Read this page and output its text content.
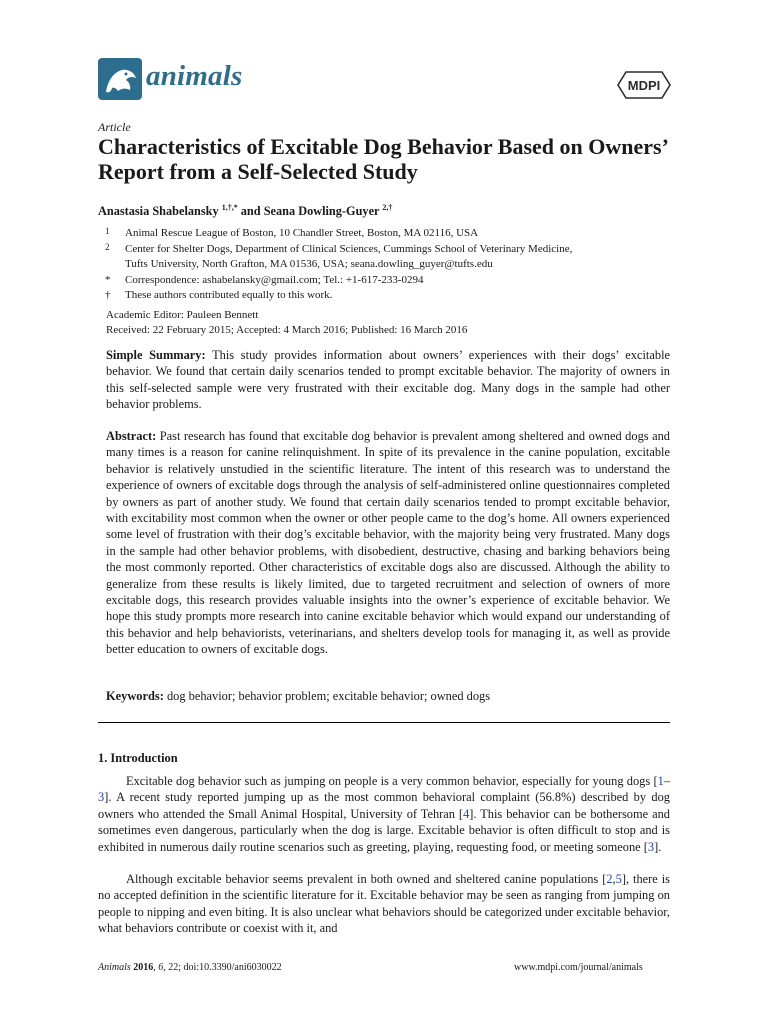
animals	MDPI
Article
Characteristics of Excitable Dog Behavior Based on Owners’ Report from a Self-Selected Study
Anastasia Shabelansky $^{1,\dagger,*}$ and Seana Dowling-Guyer $^{2,\dagger}$
1 Animal Rescue League of Boston, 10 Chandler Street, Boston, MA 02116, USA
2 Center for Shelter Dogs, Department of Clinical Sciences, Cummings School of Veterinary Medicine,
Tufts University, North Grafton, MA 01536, USA; seana.dowling_guyer@tufts.edu
* Correspondence: ashabelansky@gmail.com; Tel.: +1-617-233-0294
† These authors contributed equally to this work.
Academic Editor: Pauleen Bennett
Received: 22 February 2015; Accepted: 4 March 2016; Published: 16 March 2016
Simple Summary: This study provides information about owners’ experiences with their dogs’ excitable behavior. We found that certain daily scenarios tended to prompt excitable behavior. The majority of owners in this self-selected sample were very frustrated with their excitable dog. Many dogs in the sample had other behavior problems.
Abstract: Past research has found that excitable dog behavior is prevalent among sheltered and owned dogs and many times is a reason for canine relinquishment. In spite of its prevalence in the canine population, excitable behavior is relatively unstudied in the scientific literature. The intent of this research was to understand the experience of owners of excitable dogs through the analysis of self-administered online questionnaires completed by owners as part of another study. We found that certain daily scenarios tended to prompt excitable behavior, with excitability most common when the owner or other people came to the dog’s home. All owners experienced some level of frustration with their dog’s excitable behavior, with the majority being very frustrated. Many dogs in the sample had other behavior problems, with disobedient, destructive, chasing and barking behaviors being the most commonly reported. Other characteristics of excitable dogs also are discussed. Although the ability to generalize from these results is likely limited, due to targeted recruitment and selection of owners of more excitable dogs, this research provides valuable insights into the owner’s experience of excitable behavior. We hope this study prompts more research into canine excitable behavior which would expand our understanding of this behavior and help behaviorists, veterinarians, and shelters develop tools for managing it, as well as provide better education to owners of excitable dogs.
Keywords: dog behavior; behavior problem; excitable behavior; owned dogs
1. Introduction
Excitable dog behavior such as jumping on people is a very common behavior, especially for young dogs [1–3]. A recent study reported jumping up as the most common behavioral complaint (56.8%) described by dog owners who attended the Small Animal Hospital, University of Tehran [4]. This behavior can be bothersome and sometimes even dangerous, particularly when the dog is large. Excitable behavior is often difficult to stop and is exhibited in numerous daily routine scenarios such as greeting, playing, requesting food, or meeting someone [3].
Although excitable behavior seems prevalent in both owned and sheltered canine populations [2,5], there is no accepted definition in the scientific literature for it. Excitable behavior may be seen as ranging from jumping on people to nipping and even biting. It is also unclear what behaviors should be categorized under excitable behavior, what behaviors contribute or coexist with it, and
Animals 2016, 6, 22; doi:10.3390/ani6030022	www.mdpi.com/journal/animals
